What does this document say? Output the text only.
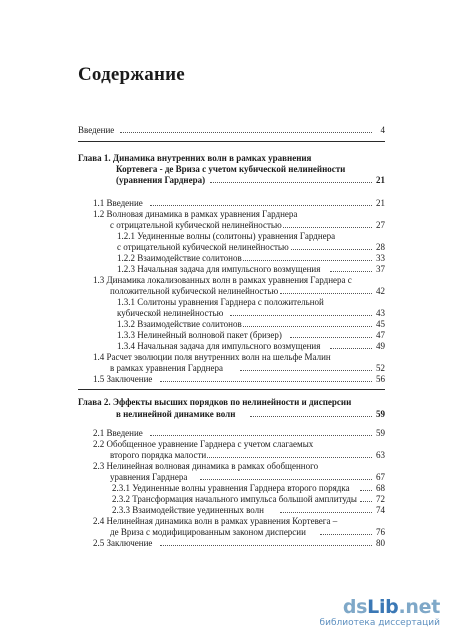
Содержание
Введение	4
Глава 1. Динамика внутренних волн в рамках уравнения
Кортевега - де Вриза с учетом кубической нелинейности
(уравнения Гарднера)	21
1.1 Введение	21
1.2 Волновая динамика в рамках уравнения Гарднера
с отрицательной кубической нелинейностью	27
1.2.1 Уединенные волны (солитоны) уравнения Гарднера
с отрицательной кубической нелинейностью	28
1.2.2 Взаимодействие солитонов	33
1.2.3 Начальная задача для импульсного возмущения	37
1.3 Динамика локализованных волн в рамках уравнения Гарднера с
положительной кубической нелинейностью	42
1.3.1 Солитоны уравнения Гарднера с положительной
кубической нелинейностью	43
1.3.2 Взаимодействие солитонов	45
1.3.3 Нелинейный волновой пакет (бризер)	47
1.3.4 Начальная задача для импульсного возмущения	49
1.4 Расчет эволюции поля внутренних волн на шельфе Малин
в рамках уравнения Гарднера	52
1.5 Заключение	56
Глава 2. Эффекты высших порядков по нелинейности и дисперсии
в нелинейной динамике волн	59
2.1 Введение	59
2.2 Обобщенное уравнение Гарднера с учетом слагаемых
второго порядка малости	63
2.3 Нелинейная волновая динамика в рамках обобщенного
уравнения Гарднера	67
2.3.1 Уединенные волны уравнения Гарднера второго порядка	68
2.3.2 Трансформация начального импульса большой амплитуды 72
2.3.3 Взаимодействие уединенных волн	74
2.4 Нелинейная динамика волн в рамках уравнения Кортевега –
де Вриза с модифицированным законом дисперсии	76
2.5 Заключение	80
dsLib.net
библиотека диссертаций
